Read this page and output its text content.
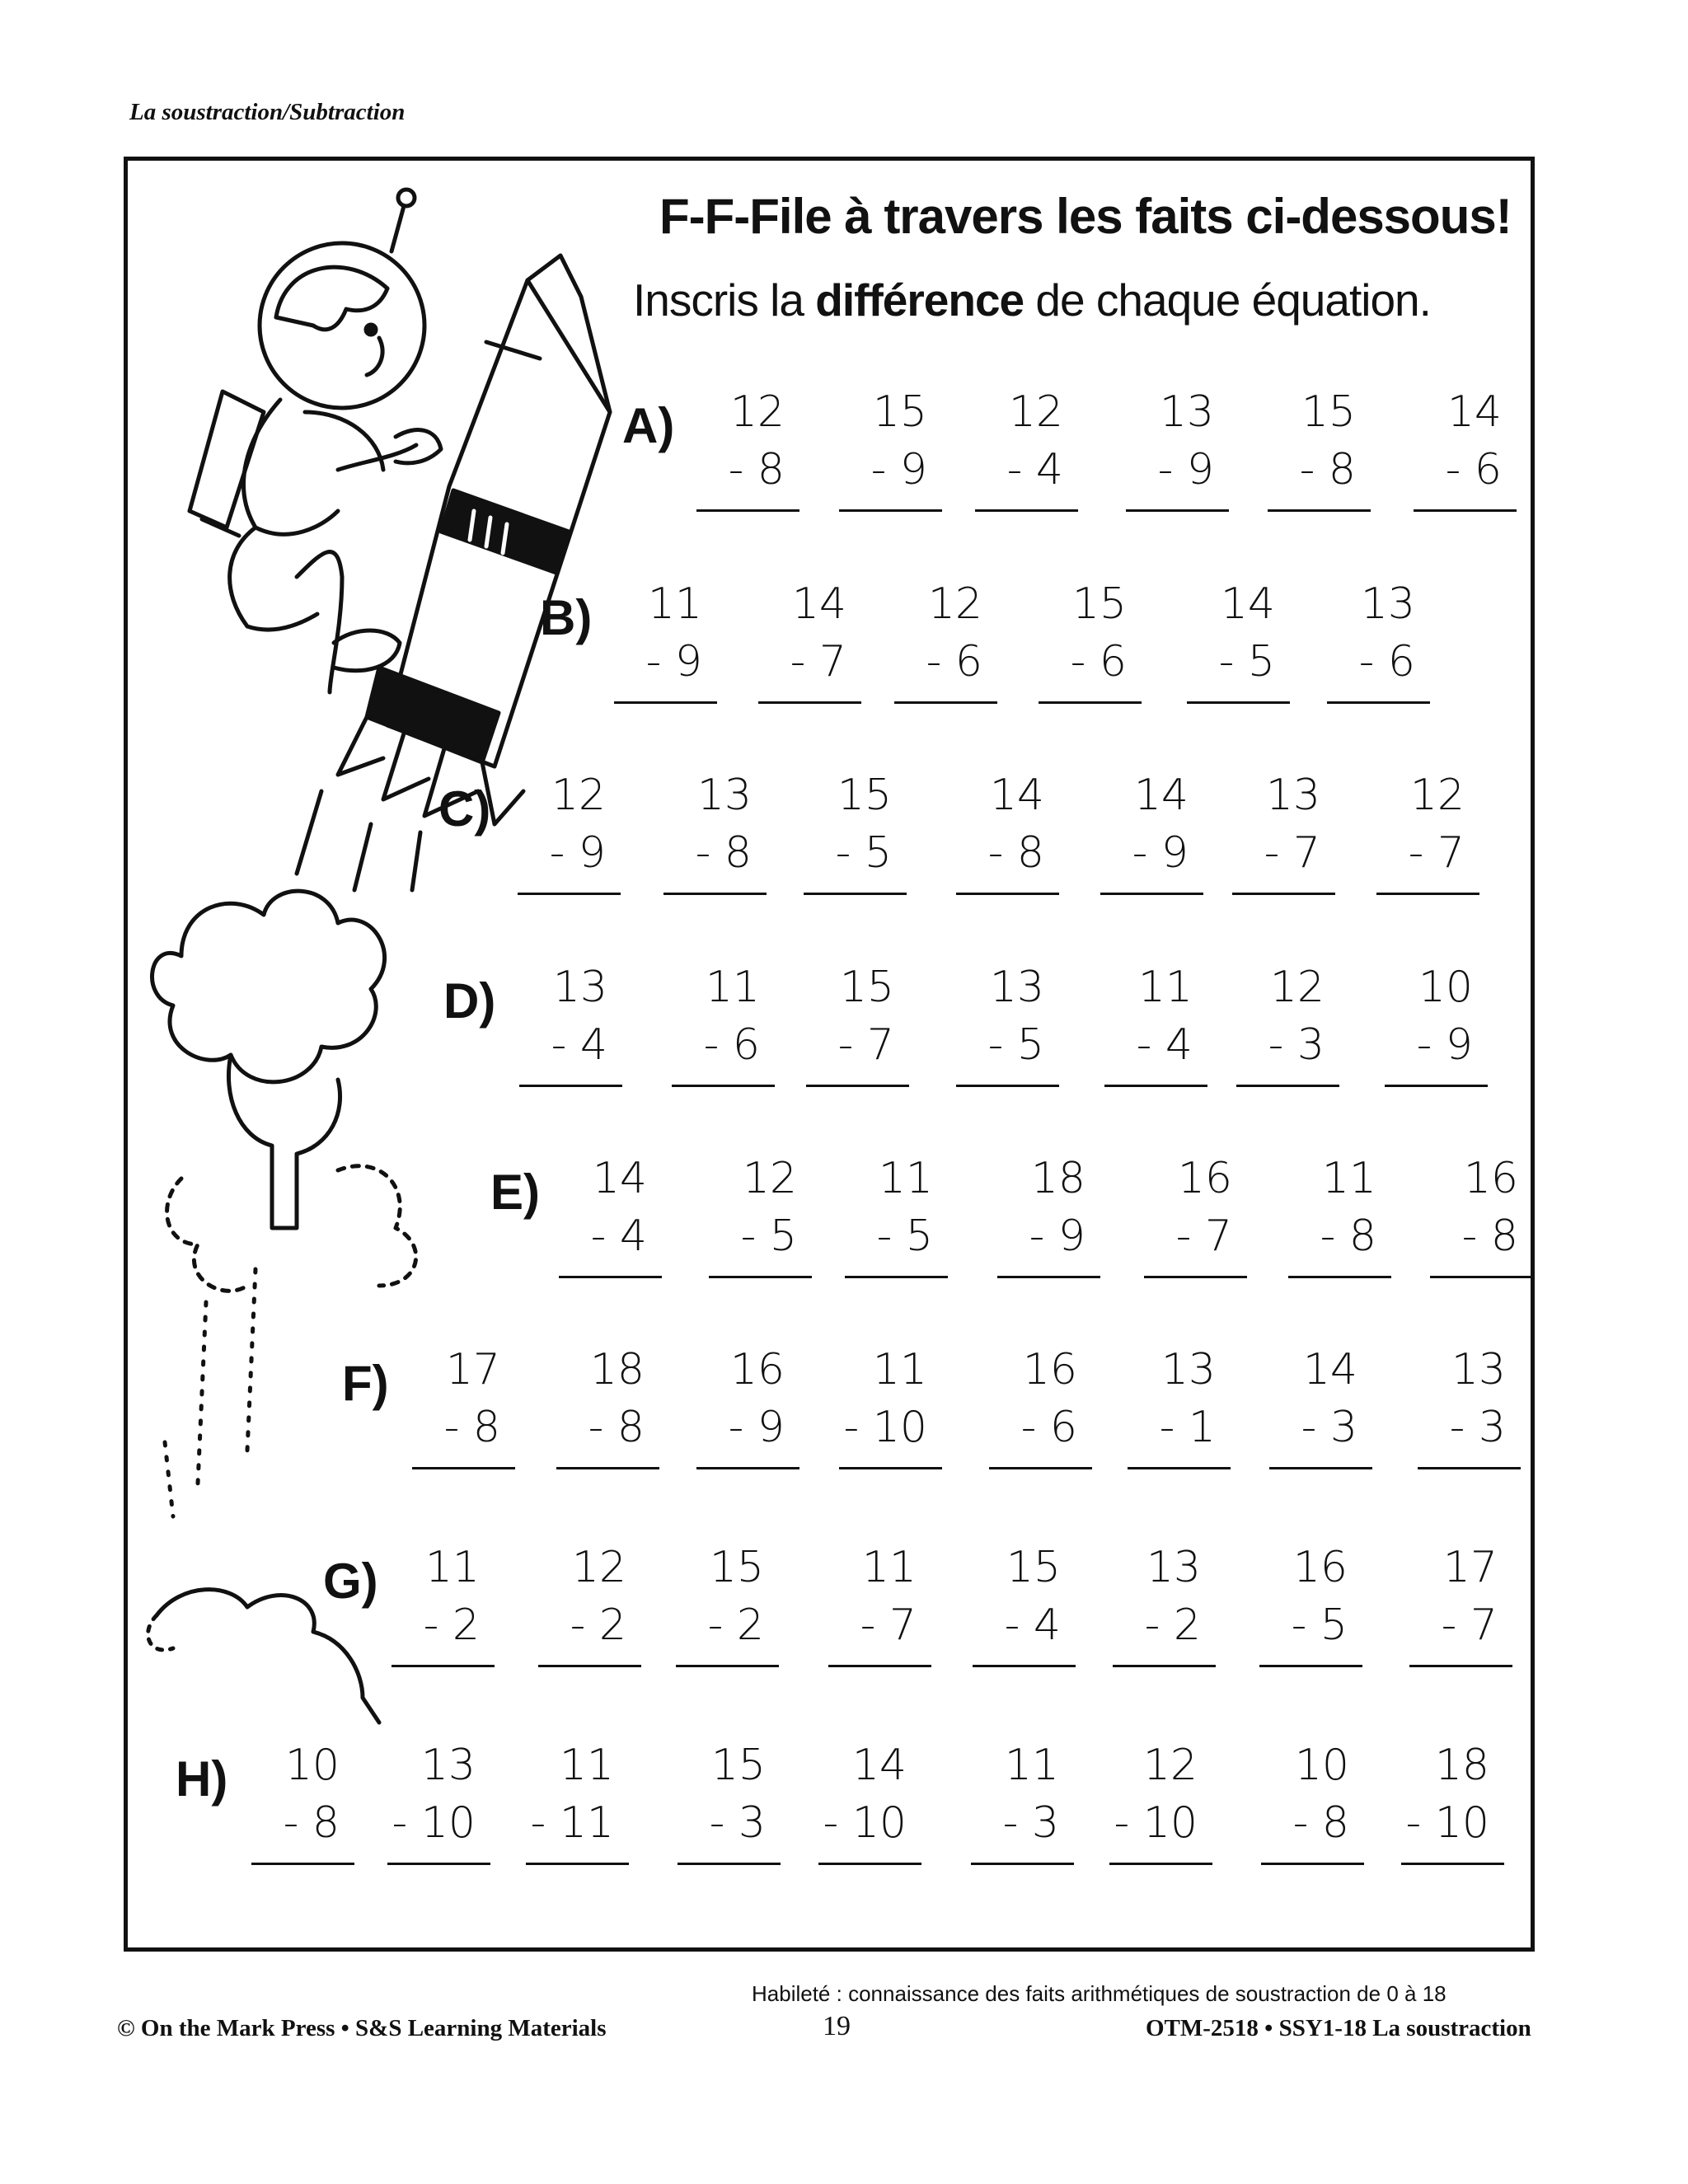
La soustraction/Subtraction
F-F-File à travers les faits ci-dessous!
Inscris la différence de chaque équation.
A) 12
- 8
15
- 9
12
- 4
13
- 9
15
- 8
14
- 6
B) 11
- 9
14
- 7
12
- 6
15
- 6
14
- 5
13
- 6
C) 12
- 9
13
- 8
15
- 5
14
- 8
14
- 9
13
- 7
12
- 7
D) 13
- 4
11
- 6
15
- 7
13
- 5
11
- 4
12
- 3
10
- 9
E) 14
- 4
12
- 5
11
- 5
18
- 9
16
- 7
11
- 8
16
- 8
F) 17
- 8
18
- 8
16
- 9
11
- 10
16
- 6
13
- 1
14
- 3
13
- 3
G) 11
- 2
12
- 2
15
- 2
11
- 7
15
- 4
13
- 2
16
- 5
17
- 7
H) 10
- 8
13
- 10
11
- 11
15
- 3
14
- 10
11
- 3
12
- 10
10
- 8
18
- 10
Habileté : connaissance des faits arithmétiques de soustraction de 0 à 18
© On the Mark Press • S&S Learning Materials	19	OTM-2518 • SSY1-18 La soustraction
